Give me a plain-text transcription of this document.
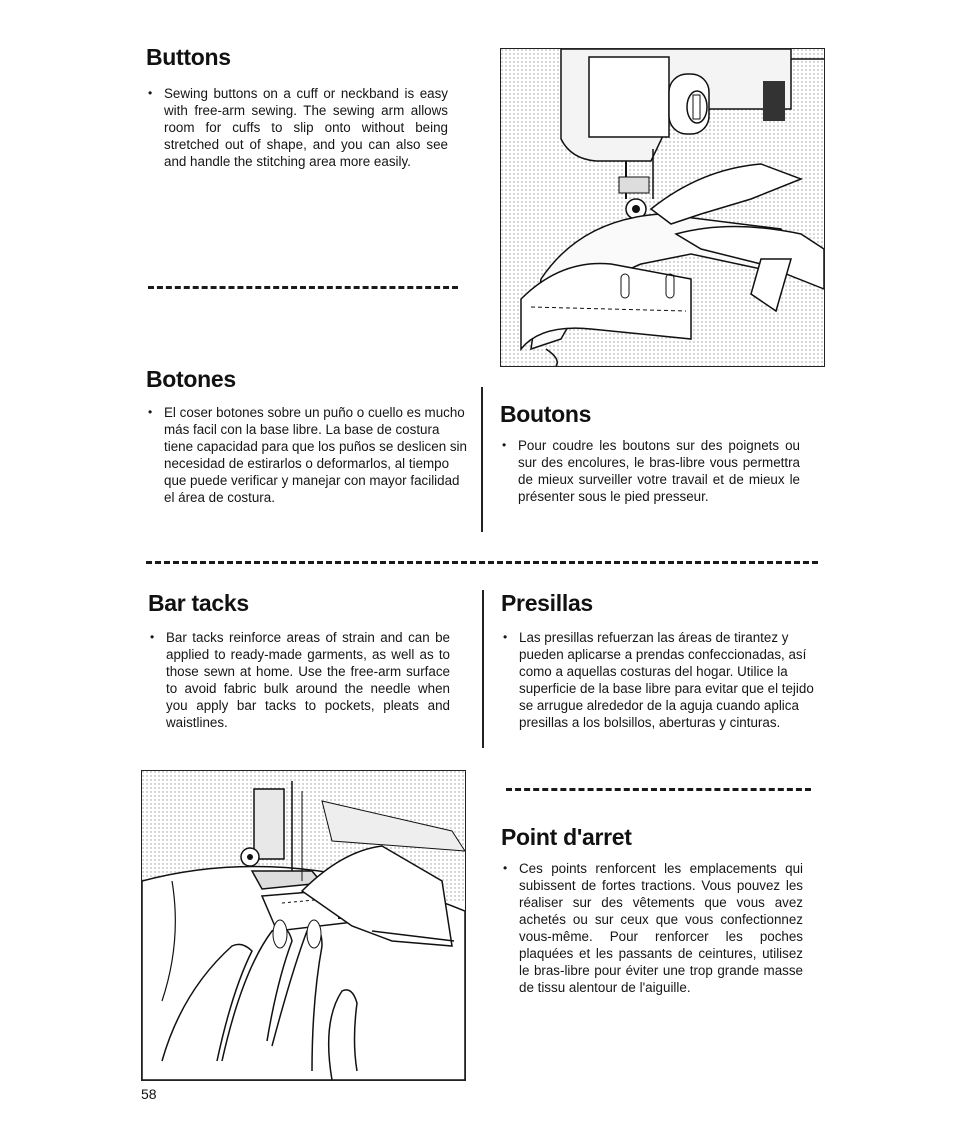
Buttons

• Sewing buttons on a cuff or neckband is easy with free-arm sewing. The sewing arm allows room for cuffs to slip onto without being stretched out of shape, and you can also see and handle the stitching area more easily.

Botones

• El coser botones sobre un puño o cuello es mucho más facil con la base libre. La base de costura tiene capacidad para que los puños se deslicen sin necesidad de estirarlos o deformarlos, al tiempo que puede verificar y manejar con mayor facilidad el área de costura.

Boutons

• Pour coudre les boutons sur des poignets ou sur des encolures, le bras-libre vous permettra de mieux surveiller votre travail et de mieux le présenter sous le pied presseur.

Bar tacks

• Bar tacks reinforce areas of strain and can be applied to ready-made garments, as well as to those sewn at home. Use the free-arm surface to avoid fabric bulk around the needle when you apply bar tacks to pockets, pleats and waistlines.

Presillas

• Las presillas refuerzan las áreas de tirantez y pueden aplicarse a prendas confeccionadas, así como a aquellas costuras del hogar. Utilice la superficie de la base libre para evitar que el tejido se arrugue alrededor de la aguja cuando aplica presillas a los bolsillos, aberturas y cinturas.

Point d'arret

• Ces points renforcent les emplacements qui subissent de fortes tractions. Vous pouvez les réaliser sur des vêtements que vous avez achetés ou sur ceux que vous confectionnez vous-même. Pour renforcer les poches plaquées et les passants de ceintures, utilisez le bras-libre pour éviter une trop grande masse de tissu alentour de l'aiguille.

58
